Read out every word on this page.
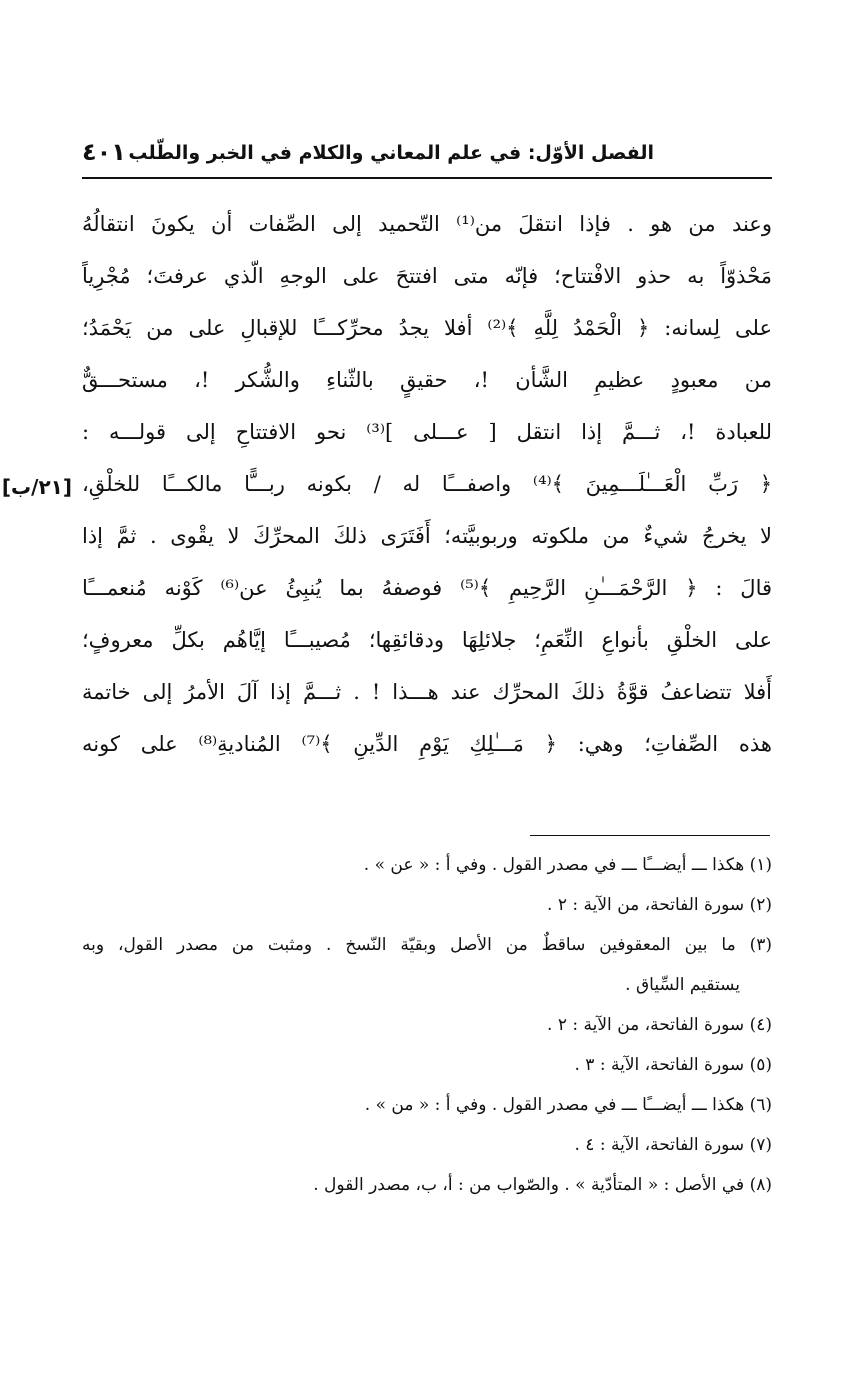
الفصل الأوّل: في علم المعاني والكلام في الخبر والطّلب
٤٠١
[٢١/ب]
وعند من هو . فإذا انتقلَ من⁽¹⁾ التّحميد إلى الصِّفات أن يكونَ انتقالُهُ
مَحْذوّاً به حذو الافْتتاح؛ فإنّه متى افتتحَ على الوجهِ الّذي عرفتَ؛ مُجْرِياً
على لِسانه: ﴿ الْحَمْدُ لِلَّهِ ﴾⁽²⁾ أفلا يجدُ محرِّكـــًا للإقبالِ على من يَحْمَدُ؛
من معبودٍ عظيمِ الشَّأن !، حقيقٍ بالثّناءِ والشُّكر !، مستحـــقٌّ
للعبادة !، ثـــمَّ إذا انتقل [ عـــلى ]⁽³⁾ نحو الافتتاحِ إلى قولـــه :
﴿ رَبِّ الْعَـــٰلَـــمِينَ ﴾⁽⁴⁾ واصفـــًا له / بكونه ربـــًّا مالكـــًا للخلْقِ،
لا يخرجُ شيءٌ من ملكوته وربوبيَّته؛ أَفَتَرَى ذلكَ المحرِّكَ لا يقْوى . ثمَّ إذا
قالَ : ﴿ الرَّحْمَـــٰنِ الرَّحِيمِ ﴾⁽⁵⁾ فوصفهُ بما يُنبِئُ عن⁽⁶⁾ كَوْنه مُنعمـــًا
على الخلْقِ بأنواعِ النِّعَمِ؛ جلائلِهَا ودقائقِها؛ مُصيبـــًا إيَّاهُم بكلِّ معروفٍ؛
أَفلا تتضاعفُ قوَّةُ ذلكَ المحرِّك عند هـــذا ! . ثـــمَّ إذا آلَ الأمرُ إلى خاتمة
هذه الصِّفاتِ؛ وهي: ﴿ مَـــٰلِكِ يَوْمِ الدِّينِ ﴾⁽⁷⁾ المُناديةِ⁽⁸⁾ على كونه
(١) هكذا ـــ أيضـــًا ـــ في مصدر القول . وفي أ : « عن » .
(٢) سورة الفاتحة، من الآية : ٢ .
(٣) ما بين المعقوفين ساقطٌ من الأصل وبقيّة النّسخ . ومثبت من مصدر القول، وبه
يستقيم السِّياق .
(٤) سورة الفاتحة، من الآية : ٢ .
(٥) سورة الفاتحة، الآية : ٣ .
(٦) هكذا ـــ أيضـــًا ـــ في مصدر القول . وفي أ : « من » .
(٧) سورة الفاتحة، الآية : ٤ .
(٨) في الأصل : « المتأدّية » . والصّواب من : أ، ب، مصدر القول .
